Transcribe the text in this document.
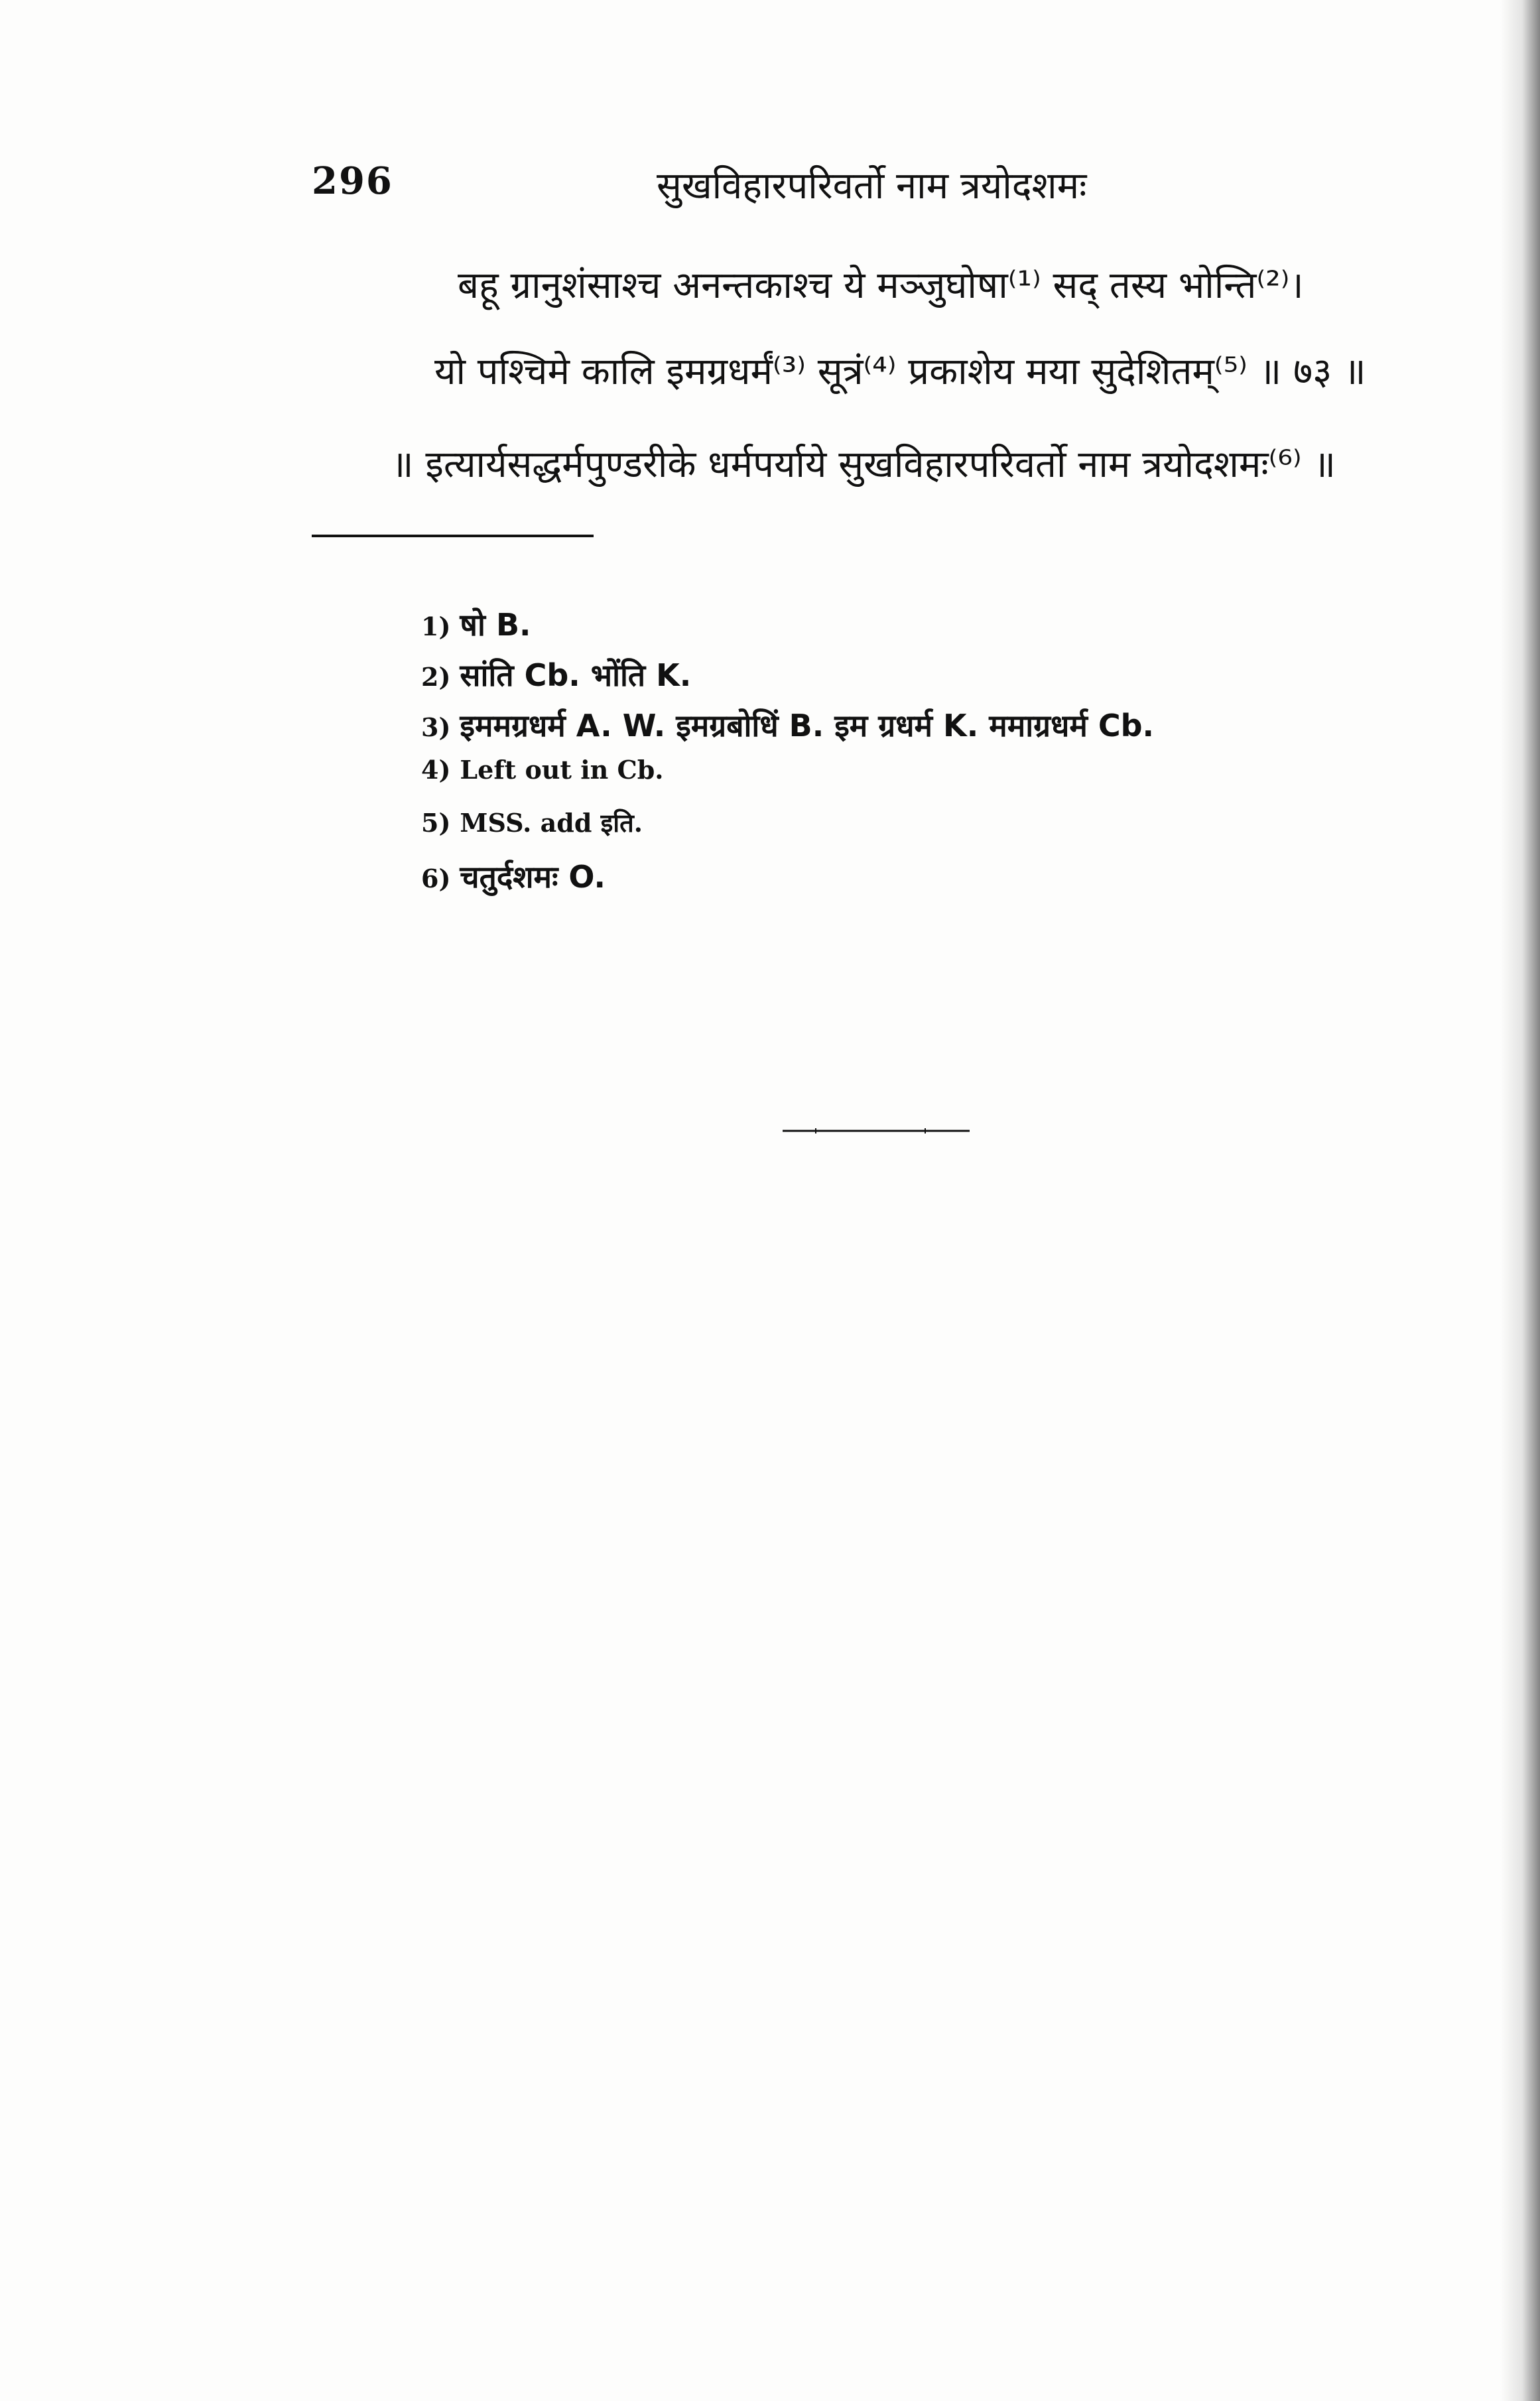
296	सुखविहारपरिवर्तो नाम त्रयोदशमः
बहू ग्रानुशंसाश्च अनन्तकाश्च ये मञ्जुघोषा⁽¹⁾ सद् तस्य भोन्ति⁽²⁾।
यो पश्चिमे कालि इमग्रधर्मं⁽³⁾ सूत्रं⁽⁴⁾ प्रकाशेय मया सुदेशितम्⁽⁵⁾ ॥ ७३ ॥
॥ इत्यार्यसद्धर्मपुण्डरीके धर्मपर्याये सुखविहारपरिवर्तो नाम त्रयोदशमः⁽⁶⁾ ॥
1) षो B.
2) सांति Cb. भोंति K.
3) इममग्रधर्म A. W. इमग्रबोधिं B. इम ग्रधर्म K. ममाग्रधर्म Cb.
4) Left out in Cb.
5) MSS. add इति.
6) चतुर्दशमः O.
